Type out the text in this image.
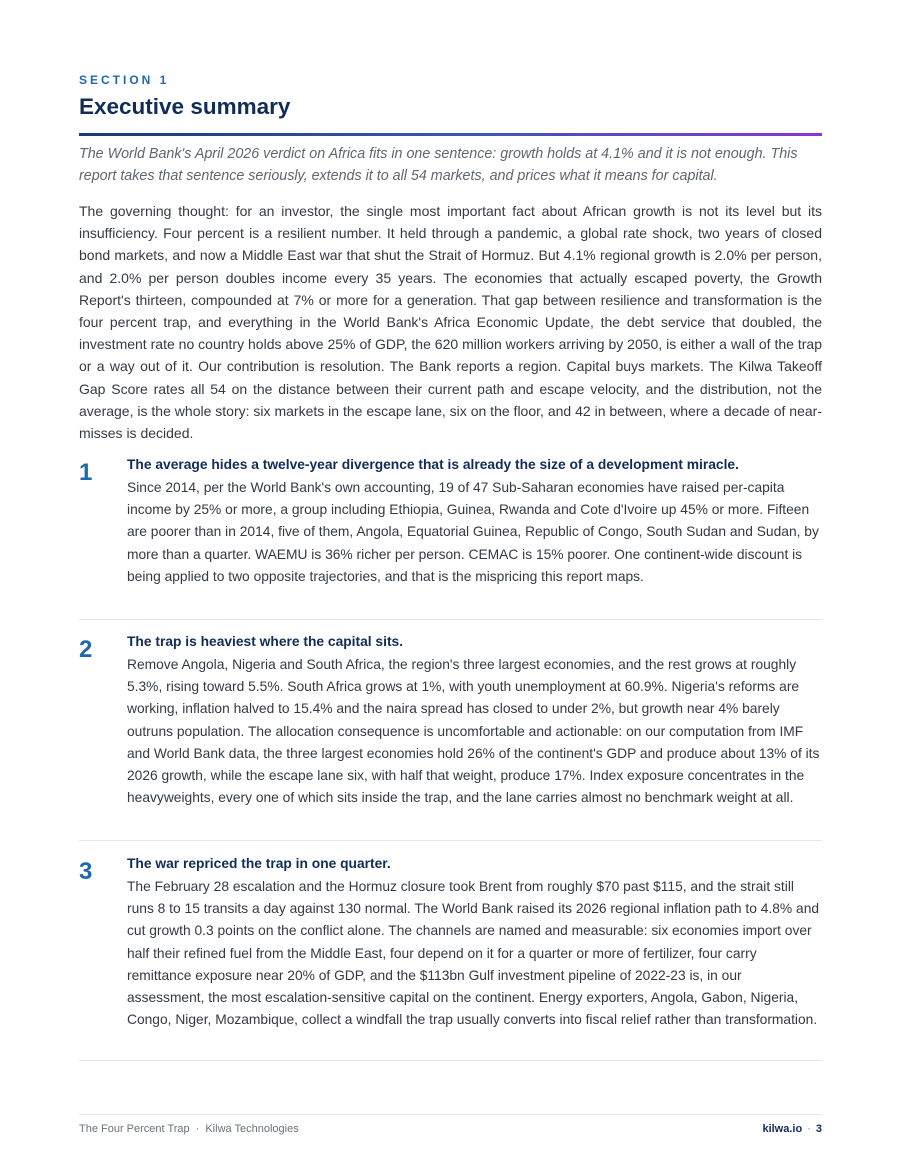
SECTION 1
Executive summary

The World Bank's April 2026 verdict on Africa fits in one sentence: growth holds at 4.1% and it is not enough. This report takes that sentence seriously, extends it to all 54 markets, and prices what it means for capital.

The governing thought: for an investor, the single most important fact about African growth is not its level but its insufficiency. Four percent is a resilient number. It held through a pandemic, a global rate shock, two years of closed bond markets, and now a Middle East war that shut the Strait of Hormuz. But 4.1% regional growth is 2.0% per person, and 2.0% per person doubles income every 35 years. The economies that actually escaped poverty, the Growth Report's thirteen, compounded at 7% or more for a generation. That gap between resilience and transformation is the four percent trap, and everything in the World Bank's Africa Economic Update, the debt service that doubled, the investment rate no country holds above 25% of GDP, the 620 million workers arriving by 2050, is either a wall of the trap or a way out of it. Our contribution is resolution. The Bank reports a region. Capital buys markets. The Kilwa Takeoff Gap Score rates all 54 on the distance between their current path and escape velocity, and the distribution, not the average, is the whole story: six markets in the escape lane, six on the floor, and 42 in between, where a decade of near-misses is decided.

1	The average hides a twelve-year divergence that is already the size of a development miracle.

Since 2014, per the World Bank's own accounting, 19 of 47 Sub-Saharan economies have raised per-capita income by 25% or more, a group including Ethiopia, Guinea, Rwanda and Cote d'Ivoire up 45% or more. Fifteen are poorer than in 2014, five of them, Angola, Equatorial Guinea, Republic of Congo, South Sudan and Sudan, by more than a quarter. WAEMU is 36% richer per person. CEMAC is 15% poorer. One continent-wide discount is being applied to two opposite trajectories, and that is the mispricing this report maps.

2	The trap is heaviest where the capital sits.

Remove Angola, Nigeria and South Africa, the region's three largest economies, and the rest grows at roughly 5.3%, rising toward 5.5%. South Africa grows at 1%, with youth unemployment at 60.9%. Nigeria's reforms are working, inflation halved to 15.4% and the naira spread has closed to under 2%, but growth near 4% barely outruns population. The allocation consequence is uncomfortable and actionable: on our computation from IMF and World Bank data, the three largest economies hold 26% of the continent's GDP and produce about 13% of its 2026 growth, while the escape lane six, with half that weight, produce 17%. Index exposure concentrates in the heavyweights, every one of which sits inside the trap, and the lane carries almost no benchmark weight at all.

3	The war repriced the trap in one quarter.

The February 28 escalation and the Hormuz closure took Brent from roughly $70 past $115, and the strait still runs 8 to 15 transits a day against 130 normal. The World Bank raised its 2026 regional inflation path to 4.8% and cut growth 0.3 points on the conflict alone. The channels are named and measurable: six economies import over half their refined fuel from the Middle East, four depend on it for a quarter or more of fertilizer, four carry remittance exposure near 20% of GDP, and the $113bn Gulf investment pipeline of 2022-23 is, in our assessment, the most escalation-sensitive capital on the continent. Energy exporters, Angola, Gabon, Nigeria, Congo, Niger, Mozambique, collect a windfall the trap usually converts into fiscal relief rather than transformation.

The Four Percent Trap · Kilwa Technologies	kilwa.io · 3
